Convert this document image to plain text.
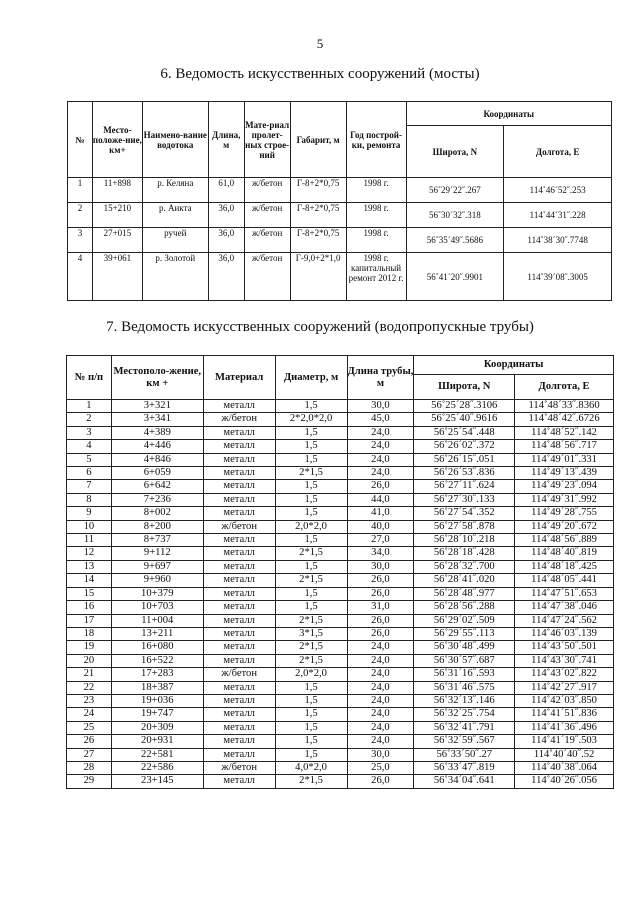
5
6. Ведомость искусственных сооружений (мосты)
№	Место-положе-ние, км+	Наимено-вание водотока	Длина, м	Мате-риал пролет-ных строе-ний	Габарит, м	Год построй-ки, ремонта	Координаты	
							Широта, N	Долгота, E
1	11+898	р. Келяна	61,0	ж/бетон	Г-8+2*0,75	1998 г.	56˚29´22˝.267	114˚46´52˝.253
2	15+210	р. Аикта	36,0	ж/бетон	Г-8+2*0,75	1998 г.	56˚30´32˝.318	114˚44´31˝.228
3	27+015	ручей	36,0	ж/бетон	Г-8+2*0,75	1998 г.	56˚35´49˝.5686	114˚38´30˝.7748
4	39+061	р. Золотой	36,0	ж/бетон	Г-9,0+2*1,0	1998 г. капитальный ремонт 2012 г.	56˚41´20˝.9901	114˚39´08˝.3005
7. Ведомость искусственных сооружений (водопропускные трубы)
№ п/п	Местополо-жение, км +	Материал	Диаметр, м	Длина трубы, м	Координаты	
					Широта, N	Долгота, E
1	3+321	металл	1,5	30,0	56˚25´28˝.3106	114˚48´33˝.8360
2	3+341	ж/бетон	2*2,0*2,0	45,0	56˚25´40˝.9616	114˚48´42˝.6726
3	4+389	металл	1,5	24,0	56˚25´54˝.448	114˚48´52˝.142
4	4+446	металл	1,5	24,0	56˚26´02˝.372	114˚48´56˝.717
5	4+846	металл	1,5	24,0	56˚26´15˝.051	114˚49´01˝.331
6	6+059	металл	2*1,5	24,0	56˚26´53˝.836	114˚49´13˝.439
7	6+642	металл	1,5	26,0	56˚27´11˝.624	114˚49´23˝.094
8	7+236	металл	1,5	44,0	56˚27´30˝.133	114˚49´31˝.992
9	8+002	металл	1,5	41,0	56˚27´54˝.352	114˚49´28˝.755
10	8+200	ж/бетон	2,0*2,0	40,0	56˚27´58˝.878	114˚49´20˝.672
11	8+737	металл	1,5	27,0	56˚28´10˝.218	114˚48´56˝.889
12	9+112	металл	2*1,5	34,0	56˚28´18˝.428	114˚48´40˝.819
13	9+697	металл	1,5	30,0	56˚28´32˝.700	114˚48´18˝.425
14	9+960	металл	2*1,5	26,0	56˚28´41˝.020	114˚48´05˝.441
15	10+379	металл	1,5	26,0	56˚28´48˝.977	114˚47´51˝.653
16	10+703	металл	1,5	31,0	56˚28´56˝.288	114˚47´38˝.046
17	11+004	металл	2*1,5	26,0	56˚29´02˝.509	114˚47´24˝.562
18	13+211	металл	3*1,5	26,0	56˚29´55˝.113	114˚46´03˝.139
19	16+080	металл	2*1,5	24,0	56˚30´48˝.499	114˚43´50˝.501
20	16+522	металл	2*1,5	24,0	56˚30´57˝.687	114˚43´30˝.741
21	17+283	ж/бетон	2,0*2,0	24,0	56˚31´16˝.593	114˚43´02˝.822
22	18+387	металл	1,5	24,0	56˚31´46˝.575	114˚42´27˝.917
23	19+036	металл	1,5	24,0	56˚32´13˝.146	114˚42´03˝.850
24	19+747	металл	1,5	24,0	56˚32´25˝.754	114˚41´51˝.836
25	20+309	металл	1,5	24,0	56˚32´41˝.791	114˚41´36˝.496
26	20+931	металл	1,5	24,0	56˚32´59˝.567	114˚41´19˝.503
27	22+581	металл	1,5	30,0	56˚33´50˝.27	114˚40´40˝.52
28	22+586	ж/бетон	4,0*2,0	25,0	56˚33´47˝.819	114˚40´38˝.064
29	23+145	металл	2*1,5	26,0	56˚34´04˝.641	114˚40´26˝.056
